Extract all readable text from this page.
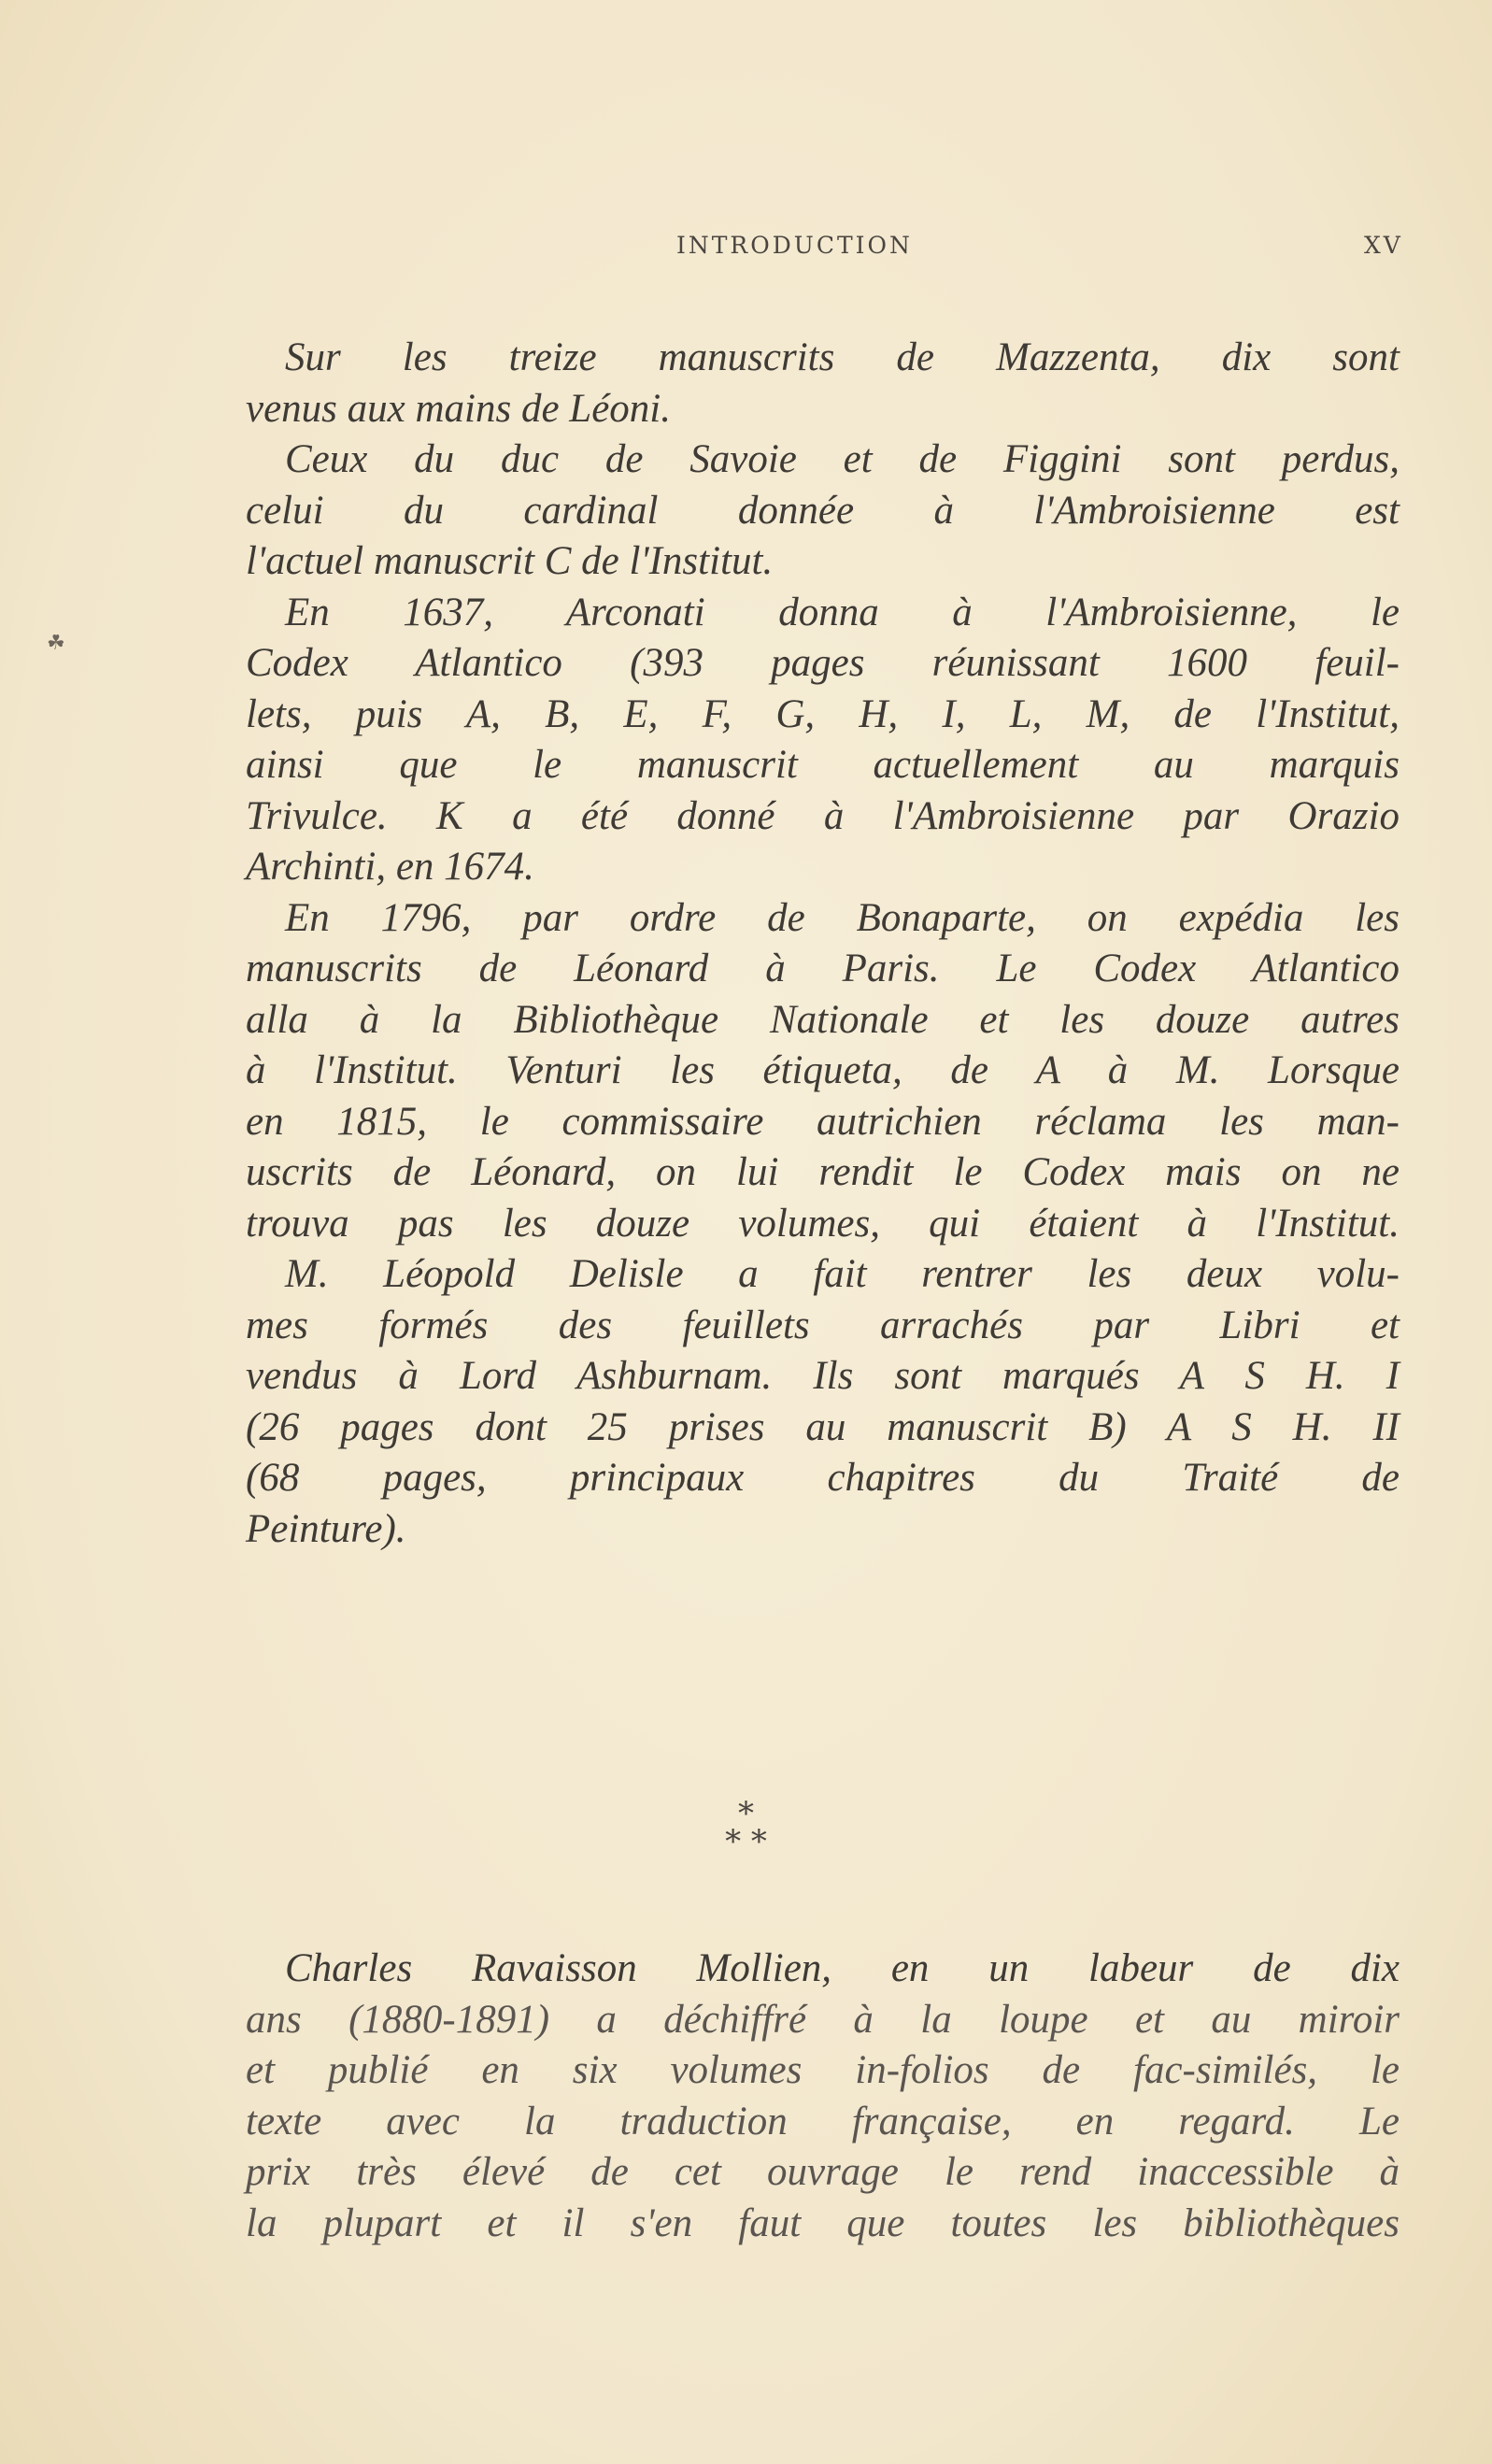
INTRODUCTION	XV
☘
Sur les treize manuscrits de Mazzenta, dix sont
venus aux mains de Léoni.
Ceux du duc de Savoie et de Figgini sont perdus,
celui du cardinal donnée à l'Ambroisienne est
l'actuel manuscrit C de l'Institut.
En 1637, Arconati donna à l'Ambroisienne, le
Codex Atlantico (393 pages réunissant 1600 feuil-
lets, puis A, B, E, F, G, H, I, L, M, de l'Institut,
ainsi que le manuscrit actuellement au marquis
Trivulce. K a été donné à l'Ambroisienne par Orazio
Archinti, en 1674.
En 1796, par ordre de Bonaparte, on expédia les
manuscrits de Léonard à Paris. Le Codex Atlantico
alla à la Bibliothèque Nationale et les douze autres
à l'Institut. Venturi les étiqueta, de A à M. Lorsque
en 1815, le commissaire autrichien réclama les man-
uscrits de Léonard, on lui rendit le Codex mais on ne
trouva pas les douze volumes, qui étaient à l'Institut.
M. Léopold Delisle a fait rentrer les deux volu-
mes formés des feuillets arrachés par Libri et
vendus à Lord Ashburnam. Ils sont marqués A S H. I
(26 pages dont 25 prises au manuscrit B) A S H. II
(68 pages, principaux chapitres du Traité de
Peinture).
*
* *
Charles Ravaisson Mollien, en un labeur de dix
ans (1880-1891) a déchiffré à la loupe et au miroir
et publié en six volumes in-folios de fac-similés, le
texte avec la traduction française, en regard. Le
prix très élevé de cet ouvrage le rend inaccessible à
la plupart et il s'en faut que toutes les bibliothèques
